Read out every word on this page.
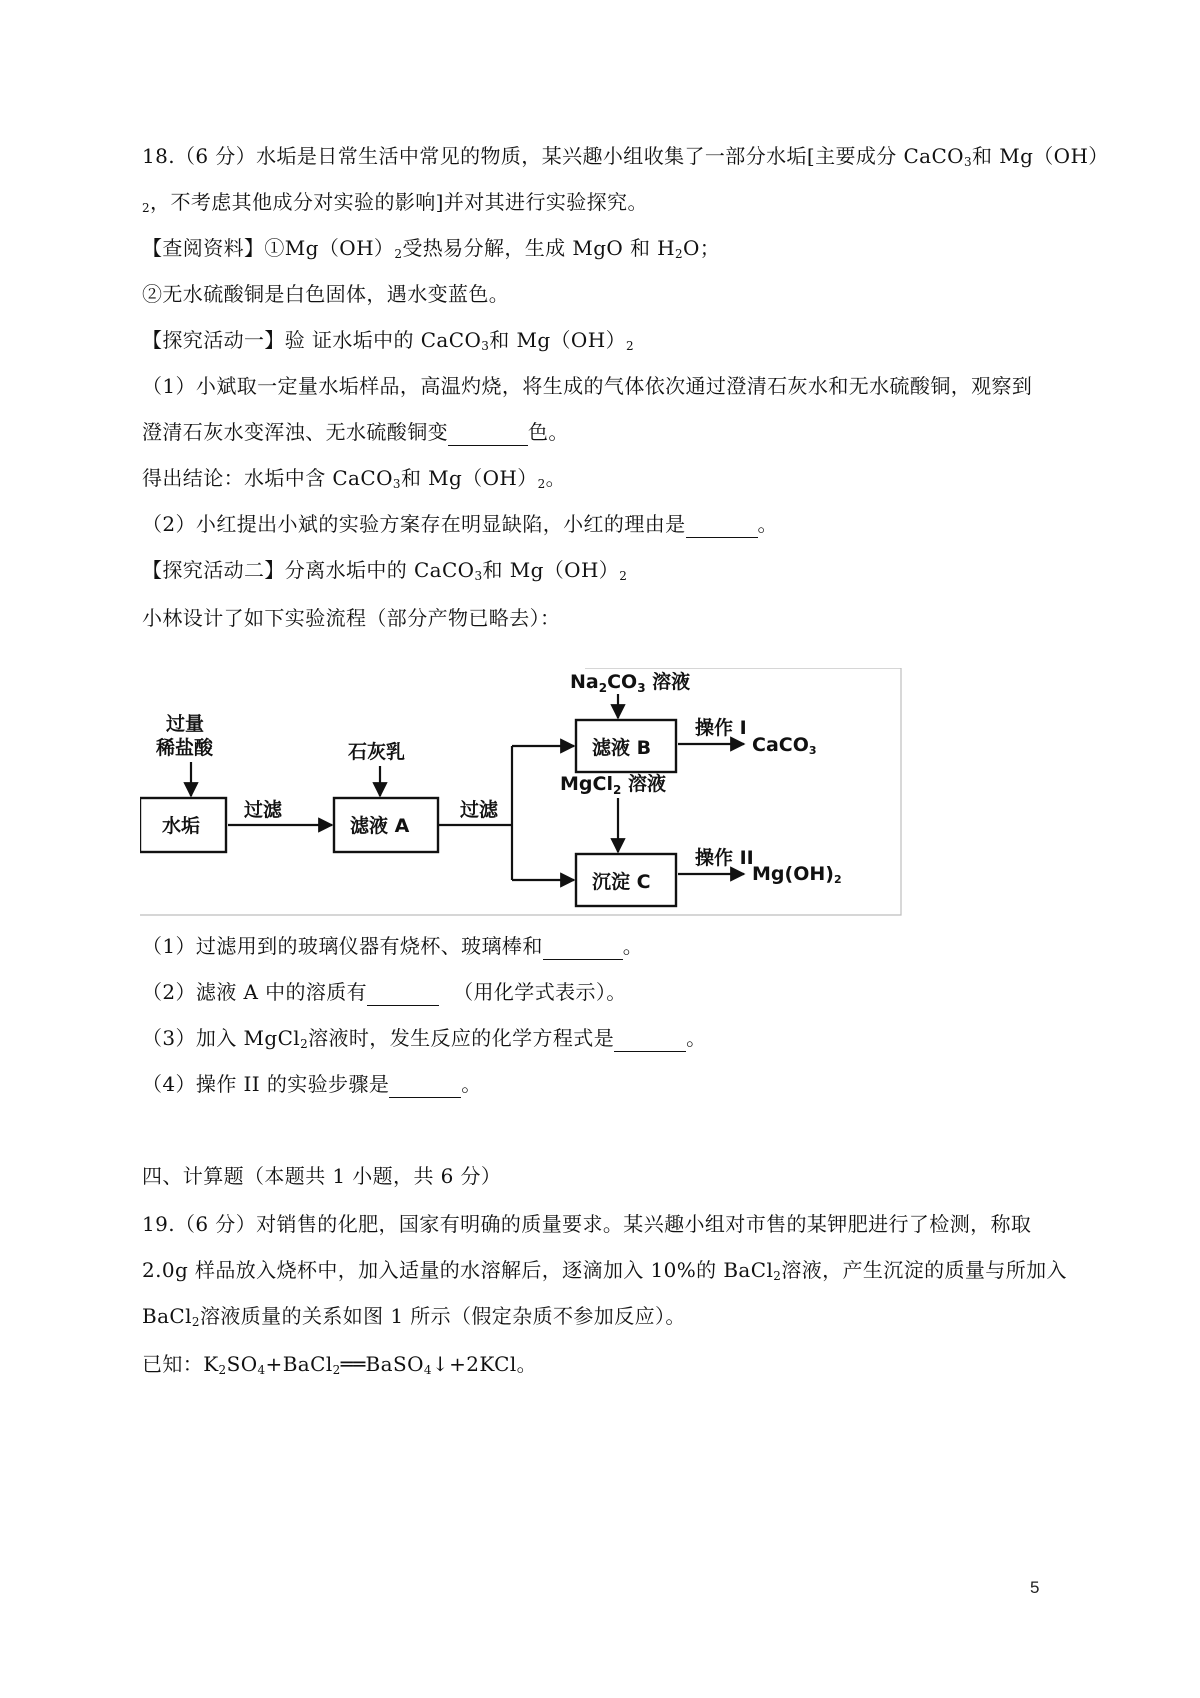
18.（6 分）水垢是日常生活中常见的物质，某兴趣小组收集了一部分水垢[主要成分 CaCO$_3$和 Mg（OH）
$_2$，不考虑其他成分对实验的影响]并对其进行实验探究。
【查阅资料】$①Mg(OH)_2$受热易分解，生成 MgO 和 $H_2O$；
②无水硫酸铜是白色固体，遇水变蓝色。
【探究活动一】验 证水垢中的 CaCO$_3$和 $Mg(OH)_2$
（1）小斌取一定量水垢样品，高温灼烧，将生成的气体依次通过澄清石灰水和无水硫酸铜，观察到
澄清石灰水变浑浊、无水硫酸铜变	色。
得出结论：水垢中含 CaCO$_3$和 $Mg(OH)_2$。
（2）小红提出小斌的实验方案存在明显缺陷，小红的理由是	。
【探究活动二】分离水垢中的 CaCO$_3$和 $Mg(OH)_2$
小林设计了如下实验流程（部分产物已略去）：
过量
稀盐酸
水垢
过滤
石灰乳
滤液 A
过滤
$Na_2CO_3$ 溶液
滤液 B
操作 I
CaCO3
MgCl$_2$ 溶液
沉淀 C
操作 II
Mg(OH)2
（1）过滤用到的玻璃仪器有烧杯、玻璃棒和	。
（2）滤液 A 中的溶质有	（用化学式表示）。
（3）加入 MgCl$_2$溶液时，发生反应的化学方程式是	。
（4）操作 II 的实验步骤是	。
四、计算题（本题共 1 小题，共 6 分）
19.（6 分）对销售的化肥，国家有明确的质量要求。某兴趣小组对市售的某钾肥进行了检测，称取
2.0g 样品放入烧杯中，加入适量的水溶解后，逐滴加入 10%的 BaCl$_2$溶液，产生沉淀的质量与所加入
BaCl$_2$溶液质量的关系如图 1 所示（假定杂质不参加反应）。
已知：$K_2SO_4+BaCl_2══BaSO_4↓+2KCl$。
5
